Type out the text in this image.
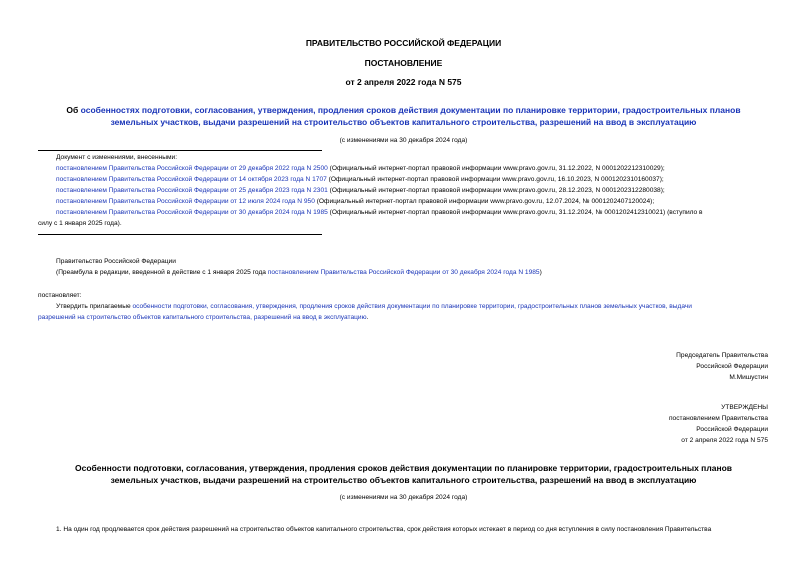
ПРАВИТЕЛЬСТВО РОССИЙСКОЙ ФЕДЕРАЦИИ
ПОСТАНОВЛЕНИЕ
от 2 апреля 2022 года N 575
Об особенностях подготовки, согласования, утверждения, продления сроков действия документации по планировке территории, градостроительных планов
земельных участков, выдачи разрешений на строительство объектов капитального строительства, разрешений на ввод в эксплуатацию
(с изменениями на 30 декабря 2024 года)
Документ с изменениями, внесенными:
постановлением Правительства Российской Федерации от 29 декабря 2022 года N 2500 (Официальный интернет-портал правовой информации www.pravo.gov.ru, 31.12.2022, N 0001202212310029);
постановлением Правительства Российской Федерации от 14 октября 2023 года N 1707 (Официальный интернет-портал правовой информации www.pravo.gov.ru, 16.10.2023, N 0001202310160037);
постановлением Правительства Российской Федерации от 25 декабря 2023 года N 2301 (Официальный интернет-портал правовой информации www.pravo.gov.ru, 28.12.2023, N 0001202312280038);
постановлением Правительства Российской Федерации от 12 июля 2024 года N 950 (Официальный интернет-портал правовой информации www.pravo.gov.ru, 12.07.2024, № 0001202407120024);
постановлением Правительства Российской Федерации от 30 декабря 2024 года N 1985 (Официальный интернет-портал правовой информации www.pravo.gov.ru, 31.12.2024, № 0001202412310021) (вступило в
силу с 1 января 2025 года).
Правительство Российской Федерации
(Преамбула в редакции, введенной в действие с 1 января 2025 года постановлением Правительства Российской Федерации от 30 декабря 2024 года N 1985)
постановляет:
Утвердить прилагаемые особенности подготовки, согласования, утверждения, продления сроков действия документации по планировке территории, градостроительных планов земельных участков, выдачи
разрешений на строительство объектов капитального строительства, разрешений на ввод в эксплуатацию.
Председатель Правительства
Российской Федерации
М.Мишустин
УТВЕРЖДЕНЫ
постановлением Правительства
Российской Федерации
от 2 апреля 2022 года N 575
Особенности подготовки, согласования, утверждения, продления сроков действия документации по планировке территории, градостроительных планов
земельных участков, выдачи разрешений на строительство объектов капитального строительства, разрешений на ввод в эксплуатацию
(с изменениями на 30 декабря 2024 года)
1. На один год продлевается срок действия разрешений на строительство объектов капитального строительства, срок действия которых истекает в период со дня вступления в силу постановления Правительства
